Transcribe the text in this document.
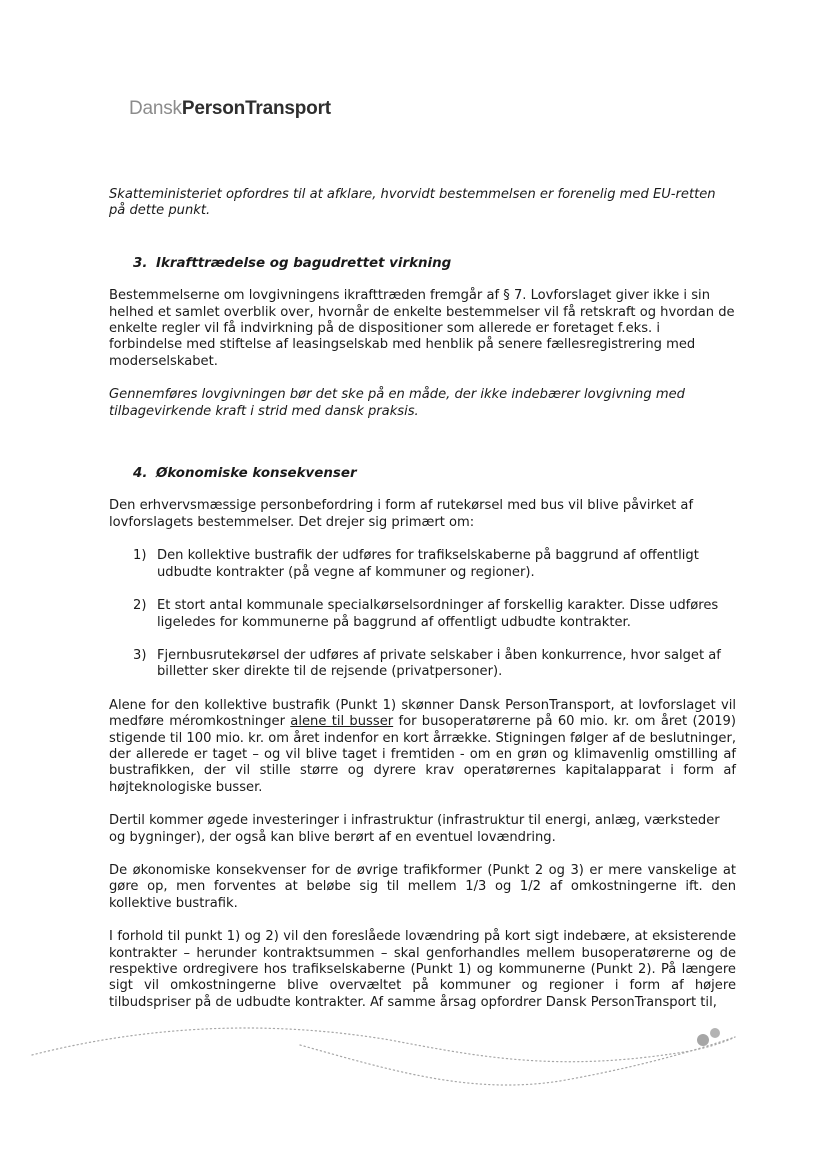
DanskPersonTransport

Skatteministeriet opfordres til at afklare, hvorvidt bestemmelsen er forenelig med EU-retten på dette punkt.

3. Ikrafttrædelse og bagudrettet virkning

Bestemmelserne om lovgivningens ikrafttræden fremgår af § 7. Lovforslaget giver ikke i sin helhed et samlet overblik over, hvornår de enkelte bestemmelser vil få retskraft og hvordan de enkelte regler vil få indvirkning på de dispositioner som allerede er foretaget f.eks. i forbindelse med stiftelse af leasingselskab med henblik på senere fællesregistrering med moderselskabet.

Gennemføres lovgivningen bør det ske på en måde, der ikke indebærer lovgivning med tilbagevirkende kraft i strid med dansk praksis.

4. Økonomiske konsekvenser

Den erhvervsmæssige personbefordring i form af rutekørsel med bus vil blive påvirket af lovforslagets bestemmelser. Det drejer sig primært om:

1) Den kollektive bustrafik der udføres for trafikselskaberne på baggrund af offentligt udbudte kontrakter (på vegne af kommuner og regioner).
2) Et stort antal kommunale specialkørselsordninger af forskellig karakter. Disse udføres ligeledes for kommunerne på baggrund af offentligt udbudte kontrakter.
3) Fjernbusrutekørsel der udføres af private selskaber i åben konkurrence, hvor salget af billetter sker direkte til de rejsende (privatpersoner).

Alene for den kollektive bustrafik (Punkt 1) skønner Dansk PersonTransport, at lovforslaget vil medføre méromkostninger alene til busser for busoperatørerne på 60 mio. kr. om året (2019) stigende til 100 mio. kr. om året indenfor en kort årrække. Stigningen følger af de beslutninger, der allerede er taget – og vil blive taget i fremtiden - om en grøn og klimavenlig omstilling af bustrafikken, der vil stille større og dyrere krav operatørernes kapitalapparat i form af højteknologiske busser.

Dertil kommer øgede investeringer i infrastruktur (infrastruktur til energi, anlæg, værksteder og bygninger), der også kan blive berørt af en eventuel lovændring.

De økonomiske konsekvenser for de øvrige trafikformer (Punkt 2 og 3) er mere vanskelige at gøre op, men forventes at beløbe sig til mellem 1/3 og 1/2 af omkostningerne ift. den kollektive bustrafik.

I forhold til punkt 1) og 2) vil den foreslåede lovændring på kort sigt indebære, at eksisterende kontrakter – herunder kontraktsummen – skal genforhandles mellem busoperatørerne og de respektive ordregivere hos trafikselskaberne (Punkt 1) og kommunerne (Punkt 2). På længere sigt vil omkostningerne blive overvæltet på kommuner og regioner i form af højere tilbudspriser på de udbudte kontrakter. Af samme årsag opfordrer Dansk PersonTransport til,
